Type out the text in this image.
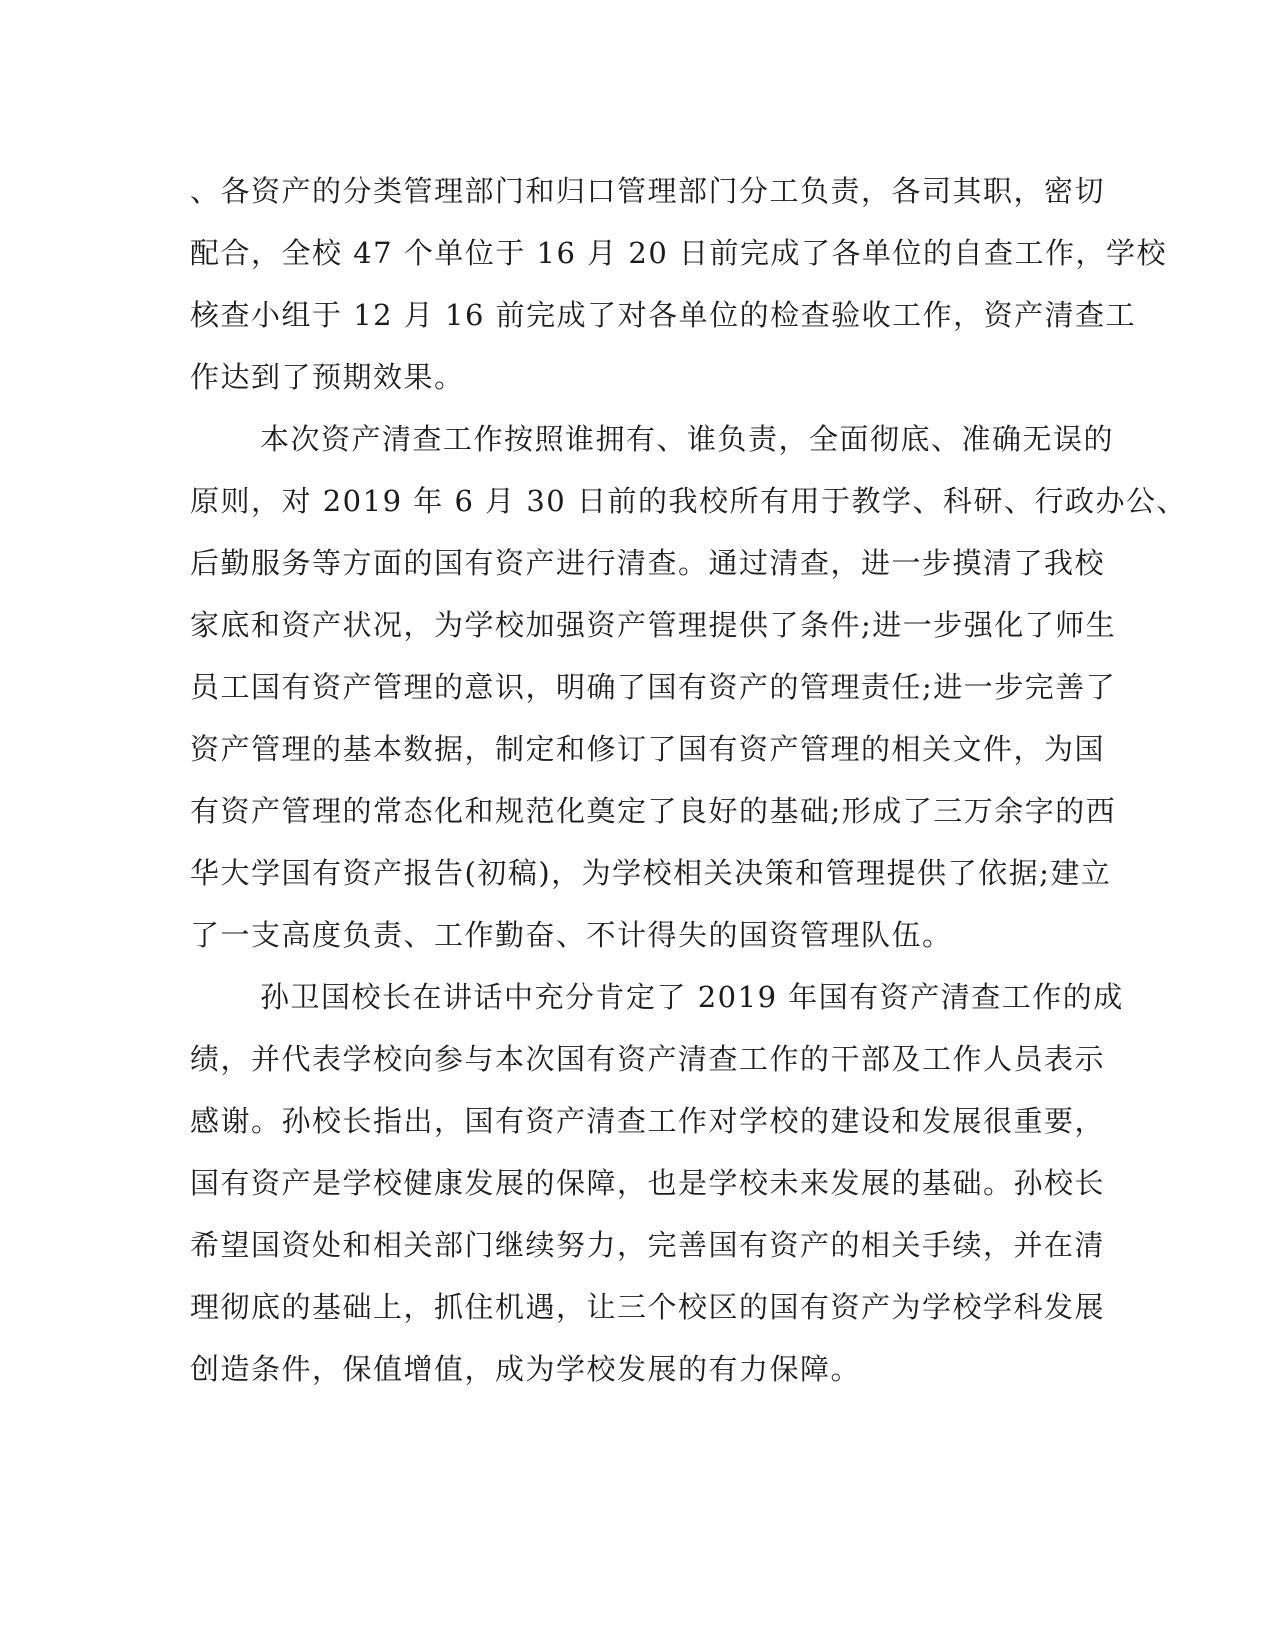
、各资产的分类管理部门和归口管理部门分工负责，各司其职，密切
配合，全校 47 个单位于 16 月 20 日前完成了各单位的自查工作，学校
核查小组于 12 月 16 前完成了对各单位的检查验收工作，资产清查工
作达到了预期效果。
本次资产清查工作按照谁拥有、谁负责，全面彻底、准确无误的
原则，对 2019 年 6 月 30 日前的我校所有用于教学、科研、行政办公、
后勤服务等方面的国有资产进行清查。通过清查，进一步摸清了我校
家底和资产状况，为学校加强资产管理提供了条件;进一步强化了师生
员工国有资产管理的意识，明确了国有资产的管理责任;进一步完善了
资产管理的基本数据，制定和修订了国有资产管理的相关文件，为国
有资产管理的常态化和规范化奠定了良好的基础;形成了三万余字的西
华大学国有资产报告(初稿)，为学校相关决策和管理提供了依据;建立
了一支高度负责、工作勤奋、不计得失的国资管理队伍。
孙卫国校长在讲话中充分肯定了 2019 年国有资产清查工作的成
绩，并代表学校向参与本次国有资产清查工作的干部及工作人员表示
感谢。孙校长指出，国有资产清查工作对学校的建设和发展很重要，
国有资产是学校健康发展的保障，也是学校未来发展的基础。孙校长
希望国资处和相关部门继续努力，完善国有资产的相关手续，并在清
理彻底的基础上，抓住机遇，让三个校区的国有资产为学校学科发展
创造条件，保值增值，成为学校发展的有力保障。
